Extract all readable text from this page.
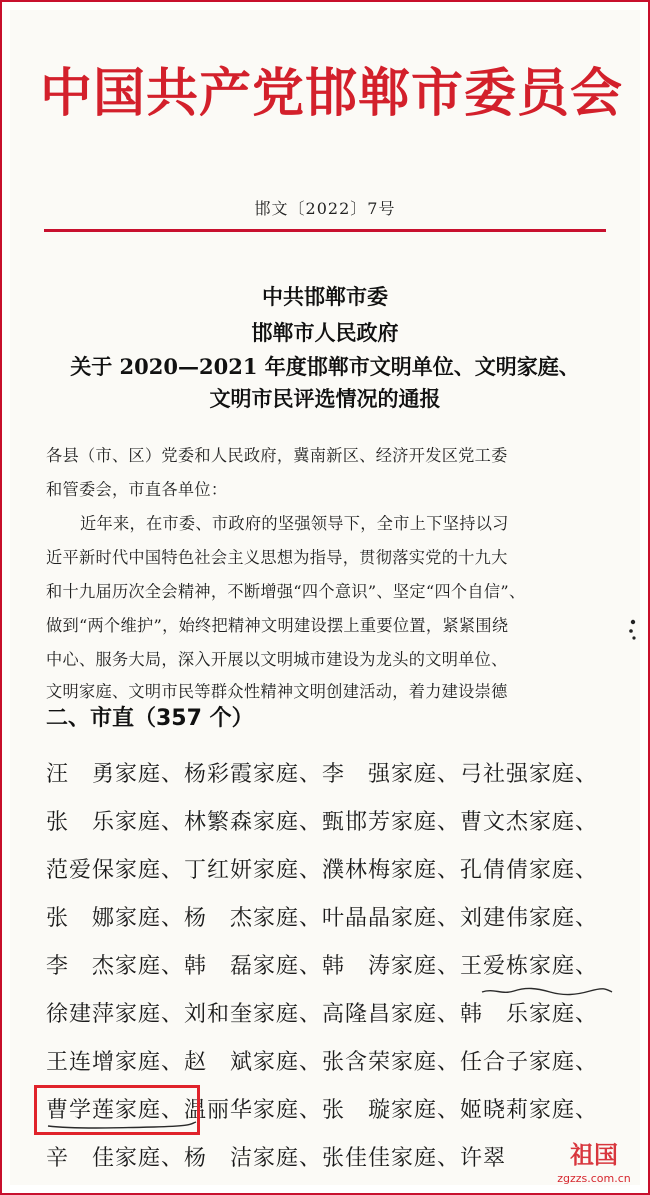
中国共产党邯郸市委员会
邯文〔2022〕7号
中共邯郸市委
邯郸市人民政府
关于 2020—2021 年度邯郸市文明单位、文明家庭、
文明市民评选情况的通报
各县（市、区）党委和人民政府，冀南新区、经济开发区党工委
和管委会，市直各单位：
近年来，在市委、市政府的坚强领导下，全市上下坚持以习
近平新时代中国特色社会主义思想为指导，贯彻落实党的十九大
和十九届历次全会精神，不断增强“四个意识”、坚定“四个自信”、
做到“两个维护”，始终把精神文明建设摆上重要位置，紧紧围绕
中心、服务大局，深入开展以文明城市建设为龙头的文明单位、
文明家庭、文明市民等群众性精神文明创建活动，着力建设崇德
二、市直（357 个）
汪　勇家庭、杨彩霞家庭、李　强家庭、弓社强家庭、
张　乐家庭、林繁森家庭、甄邯芳家庭、曹文杰家庭、
范爱保家庭、丁红妍家庭、濮林梅家庭、孔倩倩家庭、
张　娜家庭、杨　杰家庭、叶晶晶家庭、刘建伟家庭、
李　杰家庭、韩　磊家庭、韩　涛家庭、王爱栋家庭、
徐建萍家庭、刘和奎家庭、高隆昌家庭、韩　乐家庭、
王连增家庭、赵　斌家庭、张含荣家庭、任合子家庭、
曹学莲家庭、温丽华家庭、张　璇家庭、姬晓莉家庭、
辛　佳家庭、杨　洁家庭、张佳佳家庭、许翠	祖国
zgzzs.com.cn
